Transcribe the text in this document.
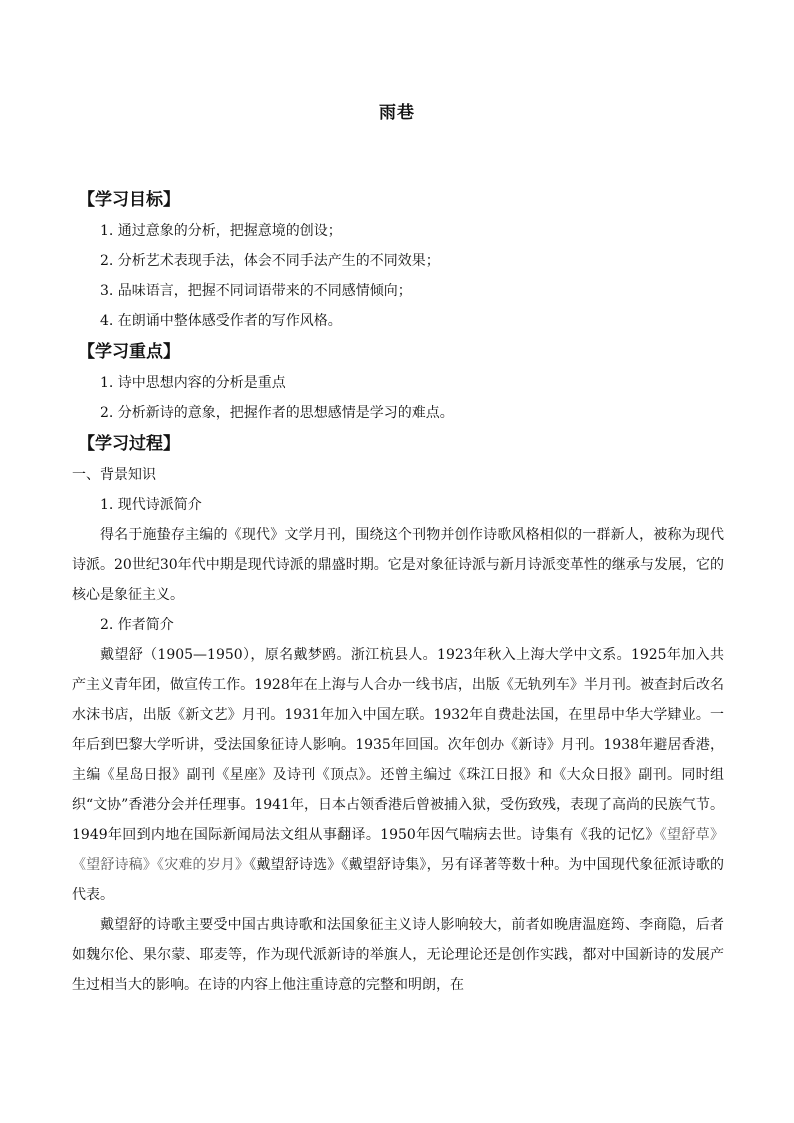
雨巷
【学习目标】
1. 通过意象的分析，把握意境的创设；
2. 分析艺术表现手法，体会不同手法产生的不同效果；
3. 品味语言，把握不同词语带来的不同感情倾向；
4. 在朗诵中整体感受作者的写作风格。
【学习重点】
1. 诗中思想内容的分析是重点
2. 分析新诗的意象，把握作者的思想感情是学习的难点。
【学习过程】
一、背景知识
1. 现代诗派简介

得名于施蛰存主编的《现代》文学月刊，围绕这个刊物并创作诗歌风格相似的一群新人，被称为现代诗派。20世纪30年代中期是现代诗派的鼎盛时期。它是对象征诗派与新月诗派变革性的继承与发展，它的核心是象征主义。

2. 作者简介

戴望舒（1905—1950），原名戴梦鸥。浙江杭县人。1923年秋入上海大学中文系。1925年加入共产主义青年团，做宣传工作。1928年在上海与人合办一线书店，出版《无轨列车》半月刊。被查封后改名水沫书店，出版《新文艺》月刊。1931年加入中国左联。1932年自费赴法国，在里昂中华大学肄业。一年后到巴黎大学听讲，受法国象征诗人影响。1935年回国。次年创办《新诗》月刊。1938年避居香港，主编《星岛日报》副刊《星座》及诗刊《顶点》。还曾主编过《珠江日报》和《大众日报》副刊。同时组织“文协”香港分会并任理事。1941年，日本占领香港后曾被捕入狱，受伤致残，表现了高尚的民族气节。1949年回到内地在国际新闻局法文组从事翻译。1950年因气喘病去世。诗集有《我的记忆》《望舒草》《望舒诗稿》《灾难的岁月》《戴望舒诗选》《戴望舒诗集》，另有译著等数十种。为中国现代象征派诗歌的代表。

戴望舒的诗歌主要受中国古典诗歌和法国象征主义诗人影响较大，前者如晚唐温庭筠、李商隐，后者如魏尔伦、果尔蒙、耶麦等，作为现代派新诗的举旗人，无论理论还是创作实践，都对中国新诗的发展产生过相当大的影响。在诗的内容上他注重诗意的完整和明朗，在
